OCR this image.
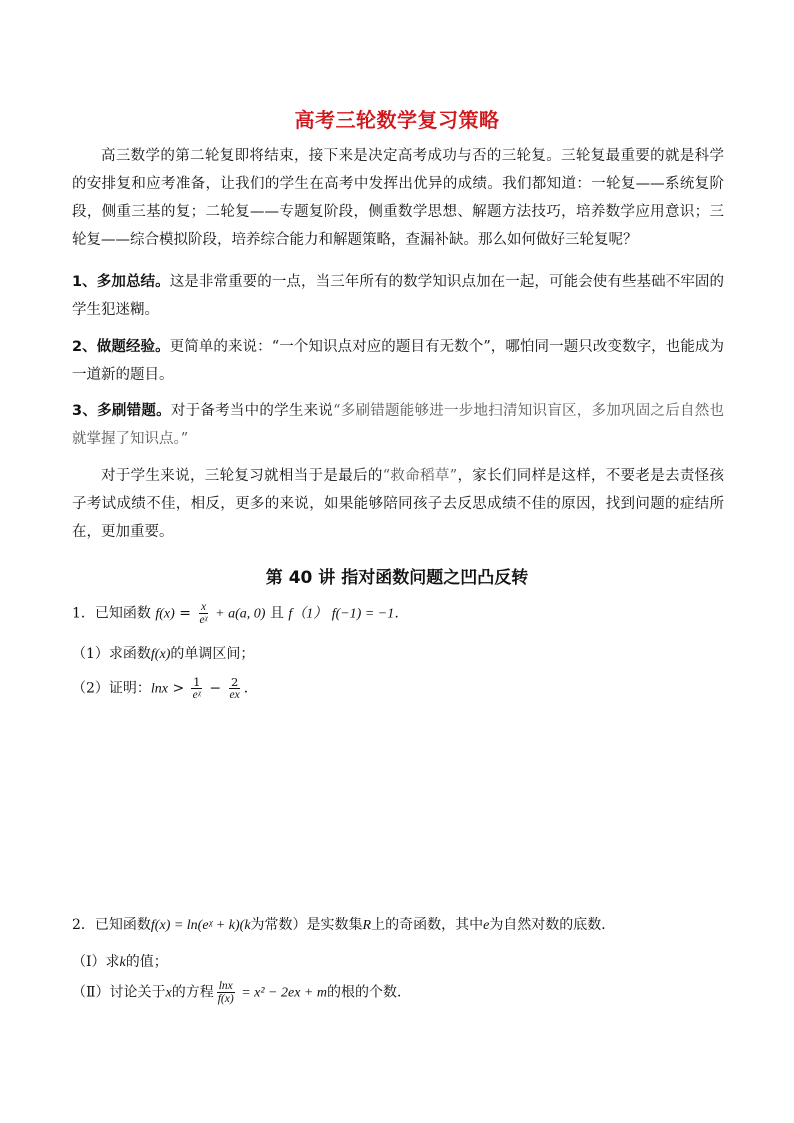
高考三轮数学复习策略
高三数学的第二轮复即将结束，接下来是决定高考成功与否的三轮复。三轮复最重要的就是科学的安排复和应考准备，让我们的学生在高考中发挥出优异的成绩。我们都知道：一轮复——系统复阶段，侧重三基的复；二轮复——专题复阶段，侧重数学思想、解题方法技巧，培养数学应用意识；三轮复——综合模拟阶段，培养综合能力和解题策略，查漏补缺。那么如何做好三轮复呢？
1、多加总结。这是非常重要的一点，当三年所有的数学知识点加在一起，可能会使有些基础不牢固的学生犯迷糊。
2、做题经验。更简单的来说：“一个知识点对应的题目有无数个”，哪怕同一题只改变数字，也能成为一道新的题目。
3、多刷错题。对于备考当中的学生来说“多刷错题能够进一步地扫清知识盲区，多加巩固之后自然也就掌握了知识点。”
对于学生来说，三轮复习就相当于是最后的“救命稻草”，家长们同样是这样，不要老是去责怪孩子考试成绩不佳，相反，更多的来说，如果能够陪同孩子去反思成绩不佳的原因，找到问题的症结所在，更加重要。
第 40 讲 指对函数问题之凹凸反转
1．已知函数 $f(x) = \frac{x}{\text{eᵡ}} + a(a$, 0) 且 f（1） f(−1) = −1．
（1）求函数f(x)的单调区间；
（2）证明：$\ln x > \frac{1}{\text{eᵡ}} - \frac{2}{ex}$ ．
2．已知函数f(x) = ln(eᵡ + k)(k为常数）是实数集R上的奇函数，其中e为自然对数的底数．
（Ⅰ）求k的值；
（Ⅱ）讨论关于x的方程 $\frac{\ln x}{f(x)} = x^2 - 2ex + m$的根的个数．
